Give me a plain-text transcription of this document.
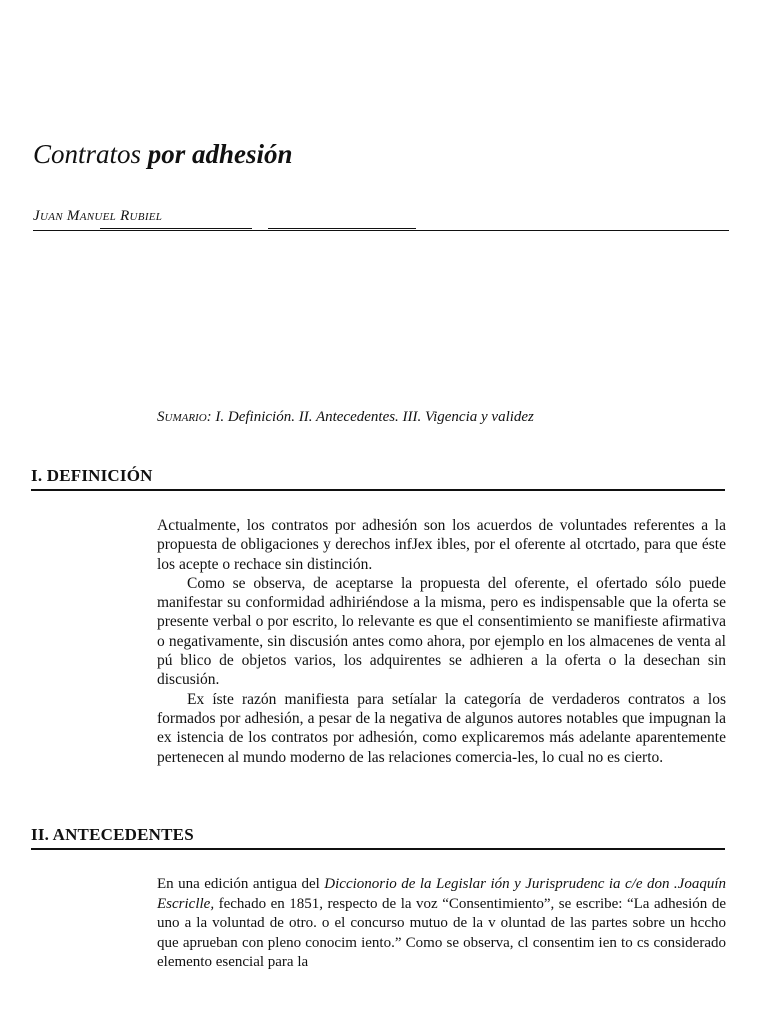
Contratos por adhesión
Juan Manuel Rubiel
Sumario: I. Definición. II. Antecedentes. III. Vigencia y validez
I. DEFINICIÓN

Actualmente, los contratos por adhesión son los acuerdos de voluntades referentes a la propuesta de obligaciones y derechos infJex ibles, por el oferente al otcrtado, para que éste los acepte o rechace sin distinción.

Como se observa, de aceptarse la propuesta del oferente, el ofertado sólo puede manifestar su conformidad adhiriéndose a la misma, pero es indispensable que la oferta se presente verbal o por escrito, lo relevante es que el consentimiento se manifieste afirmativa o negativamente, sin discusión antes como ahora, por ejemplo en los almacenes de venta al pú blico de objetos varios, los adquirentes se adhieren a la oferta o la desechan sin discusión.

Ex íste razón manifiesta para setíalar la categoría de verdaderos contratos a los formados por adhesión, a pesar de la negativa de algunos autores notables que impugnan la ex istencia de los contratos por adhesión, como explicaremos más adelante aparentemente pertenecen al mundo moderno de las relaciones comercia-les, lo cual no es cierto.

II. ANTECEDENTES

En una edición antigua del Diccionorio de la Legislar ión y Jurisprudenc ia c/e don .Joaquín Escriclle, fechado en 1851, respecto de la voz “Consentimiento”, se escribe: “La adhesión de uno a la voluntad de otro. o el concurso mutuo de la v oluntad de las partes sobre un hccho que aprueban con pleno conocim iento.” Como se observa, cl consentim ien to cs considerado elemento esencial para la
